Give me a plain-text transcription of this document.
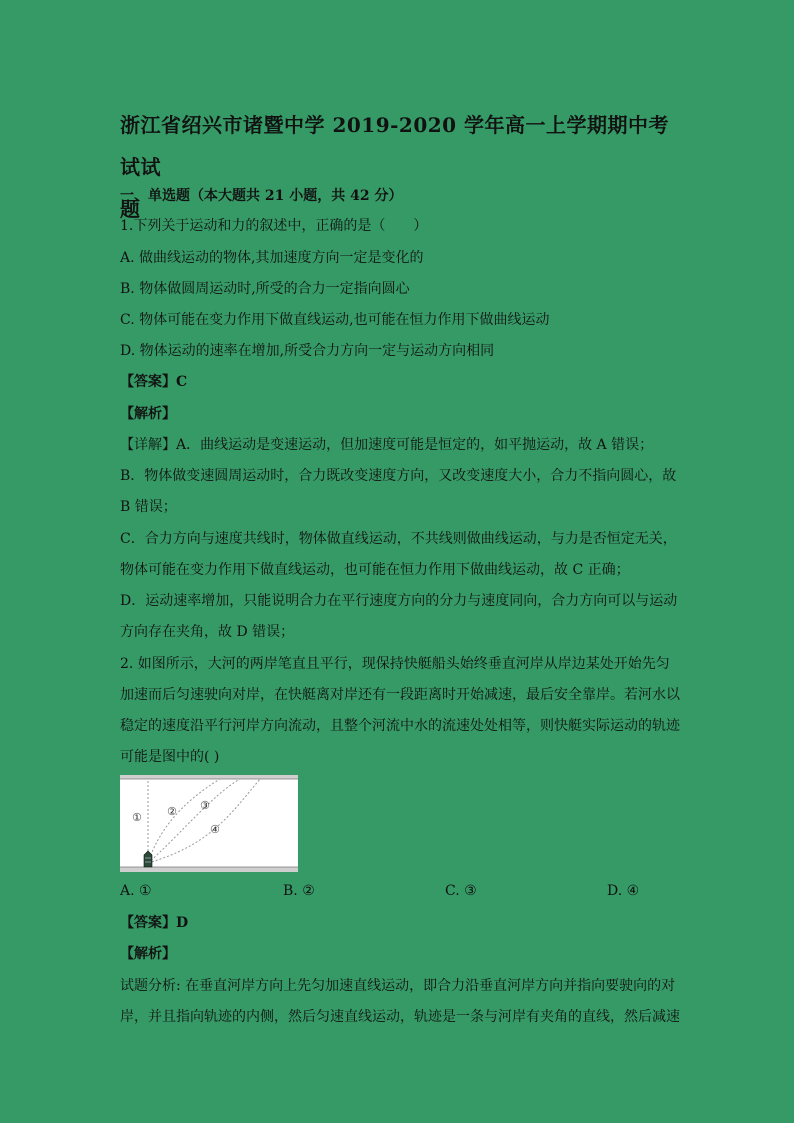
浙江省绍兴市诸暨中学 2019-2020 学年高一上学期期中考试试
题
一、单选题（本大题共 21 小题，共 42 分）
1.下列关于运动和力的叙述中，正确的是（　　）
A. 做曲线运动的物体,其加速度方向一定是变化的
B. 物体做圆周运动时,所受的合力一定指向圆心
C. 物体可能在变力作用下做直线运动,也可能在恒力作用下做曲线运动
D. 物体运动的速率在增加,所受合力方向一定与运动方向相同
【答案】C
【解析】
【详解】A．曲线运动是变速运动，但加速度可能是恒定的，如平抛运动，故 A 错误；
B．物体做变速圆周运动时，合力既改变速度方向，又改变速度大小，合力不指向圆心，故
B 错误；
C．合力方向与速度共线时，物体做直线运动，不共线则做曲线运动，与力是否恒定无关，
物体可能在变力作用下做直线运动，也可能在恒力作用下做曲线运动，故 C 正确；
D．运动速率增加，只能说明合力在平行速度方向的分力与速度同向，合力方向可以与运动
方向存在夹角，故 D 错误；
2. 如图所示，大河的两岸笔直且平行，现保持快艇船头始终垂直河岸从岸边某处开始先匀
加速而后匀速驶向对岸，在快艇离对岸还有一段距离时开始减速，最后安全靠岸。若河水以
稳定的速度沿平行河岸方向流动，且整个河流中水的流速处处相等，则快艇实际运动的轨迹
可能是图中的( )
① ② ③
④
A. ①	B. ②	C. ③	D. ④
【答案】D
【解析】
试题分析: 在垂直河岸方向上先匀加速直线运动，即合力沿垂直河岸方向并指向要驶向的对
岸，并且指向轨迹的内侧，然后匀速直线运动，轨迹是一条与河岸有夹角的直线，然后减速
